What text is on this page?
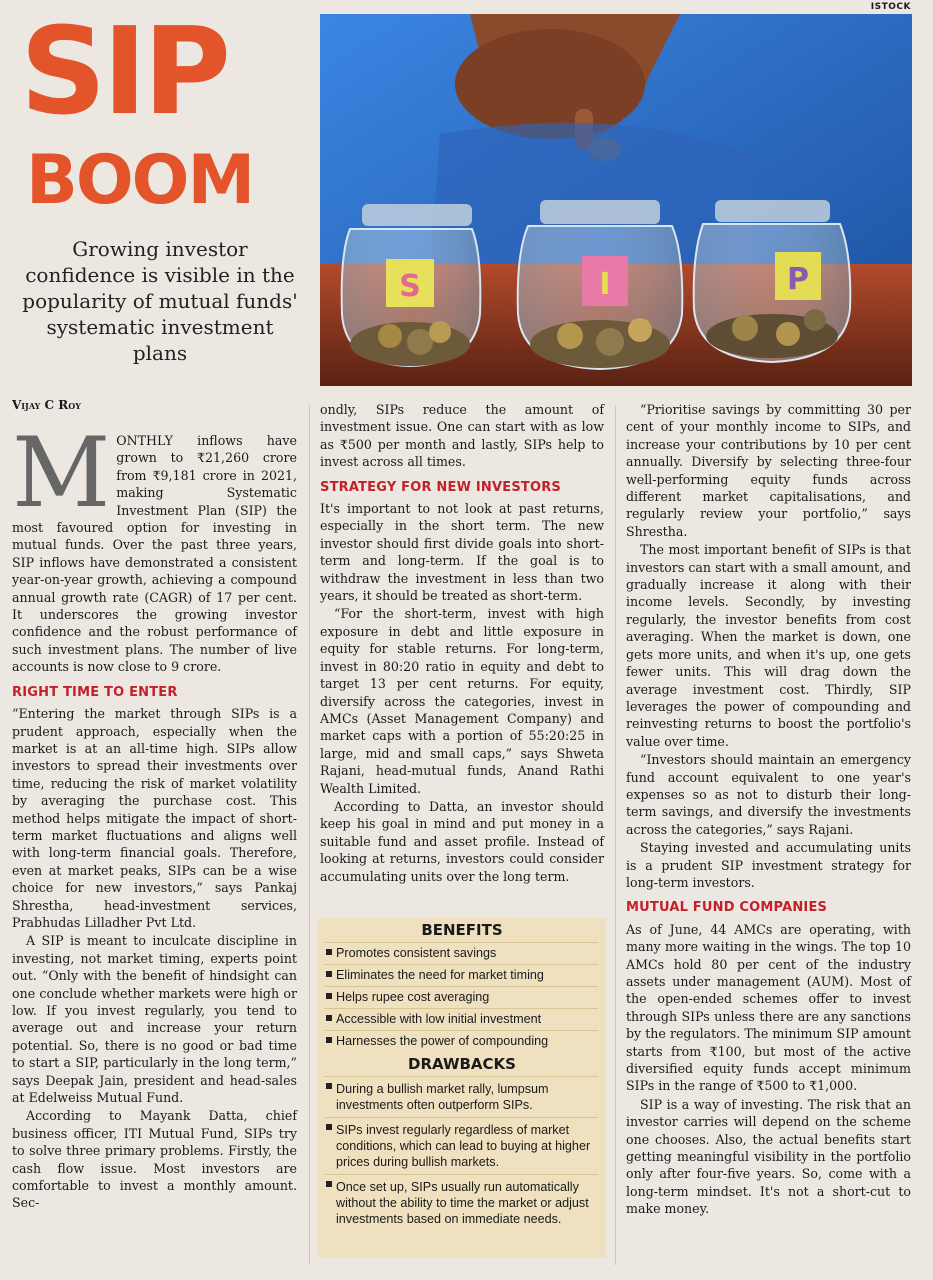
ISTOCK
SIP
BOOM
Growing investor confidence is visible in the popularity of mutual funds' systematic investment plans
Vijay C Roy
S	I	P

MONTHLY inflows have grown to ₹21,260 crore from ₹9,181 crore in 2021, making Systematic Investment Plan (SIP) the most favoured option for investing in mutual funds. Over the past three years, SIP inflows have demonstrated a consistent year-on-year growth, achieving a compound annual growth rate (CAGR) of 17 per cent. It underscores the growing investor confidence and the robust performance of such investment plans. The number of live accounts is now close to 9 crore.

RIGHT TIME TO ENTER

“Entering the market through SIPs is a prudent approach, especially when the market is at an all-time high. SIPs allow investors to spread their investments over time, reducing the risk of market volatility by averaging the purchase cost. This method helps mitigate the impact of short-term market fluctuations and aligns well with long-term financial goals. Therefore, even at market peaks, SIPs can be a wise choice for new investors,” says Pankaj Shrestha, head-investment services, Prabhudas Lilladher Pvt Ltd.

A SIP is meant to inculcate discipline in investing, not market timing, experts point out. “Only with the benefit of hindsight can one conclude whether markets were high or low. If you invest regularly, you tend to average out and increase your return potential. So, there is no good or bad time to start a SIP, particularly in the long term,” says Deepak Jain, president and head-sales at Edelweiss Mutual Fund.

According to Mayank Datta, chief business officer, ITI Mutual Fund, SIPs try to solve three primary problems. Firstly, the cash flow issue. Most investors are comfortable to invest a monthly amount. Sec-

ondly, SIPs reduce the amount of investment issue. One can start with as low as ₹500 per month and lastly, SIPs help to invest across all times.

STRATEGY FOR NEW INVESTORS

It's important to not look at past returns, especially in the short term. The new investor should first divide goals into short-term and long-term. If the goal is to withdraw the investment in less than two years, it should be treated as short-term.

“For the short-term, invest with high exposure in debt and little exposure in equity for stable returns. For long-term, invest in 80:20 ratio in equity and debt to target 13 per cent returns. For equity, diversify across the categories, invest in AMCs (Asset Management Company) and market caps with a portion of 55:20:25 in large, mid and small caps,” says Shweta Rajani, head-mutual funds, Anand Rathi Wealth Limited.

According to Datta, an investor should keep his goal in mind and put money in a suitable fund and asset profile. Instead of looking at returns, investors could consider accumulating units over the long term.

BENEFITS
Promotes consistent savings
Eliminates the need for market timing
Helps rupee cost averaging
Accessible with low initial investment
Harnesses the power of compounding
DRAWBACKS
During a bullish market rally, lumpsum investments often outperform SIPs.
SIPs invest regularly regardless of market conditions, which can lead to buying at higher prices during bullish markets.
Once set up, SIPs usually run automatically without the ability to time the market or adjust investments based on immediate needs.

“Prioritise savings by committing 30 per cent of your monthly income to SIPs, and increase your contributions by 10 per cent annually. Diversify by selecting three-four well-performing equity funds across different market capitalisations, and regularly review your portfolio,” says Shrestha.

The most important benefit of SIPs is that investors can start with a small amount, and gradually increase it along with their income levels. Secondly, by investing regularly, the investor benefits from cost averaging. When the market is down, one gets more units, and when it's up, one gets fewer units. This will drag down the average investment cost. Thirdly, SIP leverages the power of compounding and reinvesting returns to boost the portfolio's value over time.

“Investors should maintain an emergency fund account equivalent to one year's expenses so as not to disturb their long-term savings, and diversify the investments across the categories,” says Rajani.

Staying invested and accumulating units is a prudent SIP investment strategy for long-term investors.

MUTUAL FUND COMPANIES

As of June, 44 AMCs are operating, with many more waiting in the wings. The top 10 AMCs hold 80 per cent of the industry assets under management (AUM). Most of the open-ended schemes offer to invest through SIPs unless there are any sanctions by the regulators. The minimum SIP amount starts from ₹100, but most of the active diversified equity funds accept minimum SIPs in the range of ₹500 to ₹1,000.

SIP is a way of investing. The risk that an investor carries will depend on the scheme one chooses. Also, the actual benefits start getting meaningful visibility in the portfolio only after four-five years. So, come with a long-term mindset. It's not a short-cut to make money.
